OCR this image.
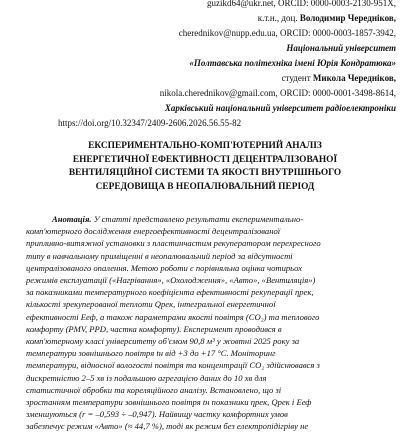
guzikd64@ukr.net, ORCID: 0000-0003-2130-951X,
к.т.н., доц. Володимир Чередніков,
cherednikov@nupp.edu.ua, ORCID: 0000-0003-1857-3942,
Національний університет
«Полтавська політехніка імені Юрія Кондратюка»
студент Микола Чередніков,
nikola.cherednikov@gmail.com, ORCID: 0000-0001-3498-8614,
Харківський національний університет радіоелектроніки
https://doi.org/10.32347/2409-2606.2026.56.55-82
ЕКСПЕРИМЕНТАЛЬНО-КОМП'ЮТЕРНИЙ АНАЛІЗ
ЕНЕРГЕТИЧНОЇ ЕФЕКТИВНОСТІ ДЕЦЕНТРАЛІЗОВАНОЇ
ВЕНТИЛЯЦІЙНОЇ СИСТЕМИ ТА ЯКОСТІ ВНУТРІШНЬОГО
СЕРЕДОВИЩА В НЕОПАЛЮВАЛЬНИЙ ПЕРІОД
Анотація. У статті представлено результати експериментально-
комп'ютерного дослідження енергоефективності децентралізованої
припливно-витяжної установки з пластинчастим рекуператором перехресного
типу в навчальному приміщенні в неопалювальний період за відсутності
централізованого опалення. Метою роботи є порівняльна оцінка чотирьох
режимів експлуатації («Нагрівання», «Охолодження», «Авто», «Вентиляція»)
за показниками температурного коефіцієнта ефективності рекуперації ηрек,
кількості зрекуперованої теплоти Qрек, інтегральної енергетичної
ефективності Eеф, а також параметрами якості повітря (CO₂) та теплового
комфорту (PMV, PPD, частка комфорту). Експеримент проводився в
комп'ютерному класі університету об'ємом 90,8 м³ у жовтні 2025 року за
температури зовнішнього повітря tн від +3 до +17 °С. Моніторинг
температури, відносної вологості повітря та концентрації CO₂ здійснювався з
дискретністю 2–5 хв із подальшою агрегацією даних до 10 хв для
статистичної обробки та кореляційного аналізу. Встановлено, що зі
зростанням температури зовнішнього повітря tн показники ηрек, Qрек і Eеф
зменшуються (r = –0,593 ÷ –0,947). Найвищу частку комфортних умов
забезпечує режим «Авто» (≈ 44,7 %), тоді як режим без електропідігріву не
